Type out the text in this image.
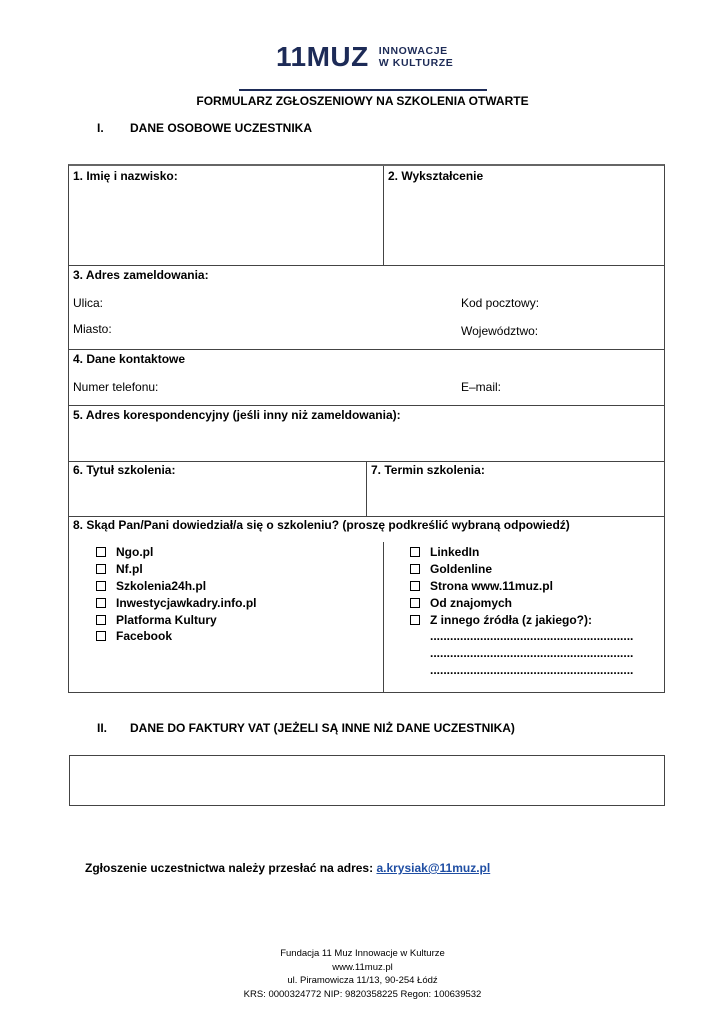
11MUZ INNOWACJE
W KULTURZE
FORMULARZ ZGŁOSZENIOWY NA SZKOLENIA OTWARTE
I. DANE OSOBOWE UCZESTNIKA
1. Imię i nazwisko:	2. Wykształcenie
3. Adres zameldowania:
Ulica:	Kod pocztowy:
Miasto:	Województwo:
4. Dane kontaktowe
Numer telefonu:	E–mail:
5. Adres korespondencyjny (jeśli inny niż zameldowania):
6. Tytuł szkolenia:	7. Termin szkolenia:
8. Skąd Pan/Pani dowiedział/a się o szkoleniu? (proszę podkreślić wybraną odpowiedź)
Ngo.pl
Nf.pl
Szkolenia24h.pl
Inwestycjawkadry.info.pl
Platforma Kultury
Facebook
LinkedIn
Goldenline
Strona www.11muz.pl
Od znajomych
Z innego źródła (z jakiego?):
.............................................................
.............................................................
.............................................................
II. DANE DO FAKTURY VAT (JEŻELI SĄ INNE NIŻ DANE UCZESTNIKA)
Zgłoszenie uczestnictwa należy przesłać na adres: a.krysiak@11muz.pl
Fundacja 11 Muz Innowacje w Kulturze
www.11muz.pl
ul. Piramowicza 11/13, 90-254 Łódź
KRS: 0000324772 NIP: 9820358225 Regon: 100639532
